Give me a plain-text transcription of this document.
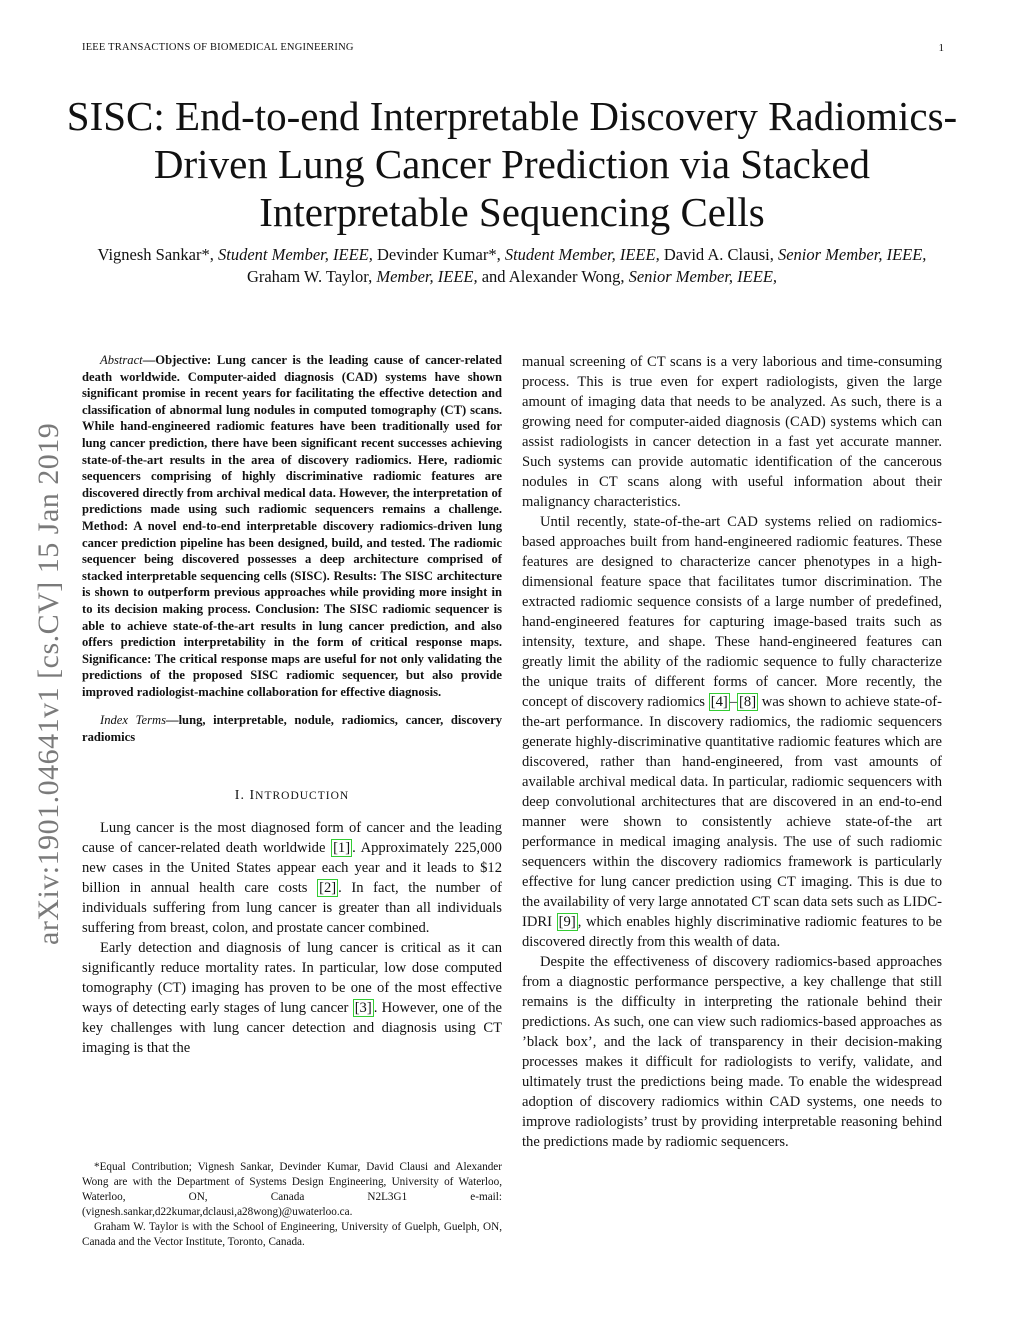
IEEE TRANSACTIONS OF BIOMEDICAL ENGINEERING	1
SISC: End-to-end Interpretable Discovery Radiomics-Driven Lung Cancer Prediction via Stacked Interpretable Sequencing Cells
Vignesh Sankar*, Student Member, IEEE, Devinder Kumar*, Student Member, IEEE, David A. Clausi, Senior Member, IEEE, Graham W. Taylor, Member, IEEE, and Alexander Wong, Senior Member, IEEE,
arXiv:1901.04641v1 [cs.CV] 15 Jan 2019

Abstract—Objective: Lung cancer is the leading cause of cancer-related death worldwide. Computer-aided diagnosis (CAD) systems have shown significant promise in recent years for facilitating the effective detection and classification of abnormal lung nodules in computed tomography (CT) scans. While hand-engineered radiomic features have been traditionally used for lung cancer prediction, there have been significant recent successes achieving state-of-the-art results in the area of discovery radiomics. Here, radiomic sequencers comprising of highly discriminative radiomic features are discovered directly from archival medical data. However, the interpretation of predictions made using such radiomic sequencers remains a challenge. Method: A novel end-to-end interpretable discovery radiomics-driven lung cancer prediction pipeline has been designed, build, and tested. The radiomic sequencer being discovered possesses a deep architecture comprised of stacked interpretable sequencing cells (SISC). Results: The SISC architecture is shown to outperform previous approaches while providing more insight in to its decision making process. Conclusion: The SISC radiomic sequencer is able to achieve state-of-the-art results in lung cancer prediction, and also offers prediction interpretability in the form of critical response maps. Significance: The critical response maps are useful for not only validating the predictions of the proposed SISC radiomic sequencer, but also provide improved radiologist-machine collaboration for effective diagnosis.

Index Terms—lung, interpretable, nodule, radiomics, cancer, discovery radiomics

I. INTRODUCTION

Lung cancer is the most diagnosed form of cancer and the leading cause of cancer-related death worldwide [1] . Approximately 225,000 new cases in the United States appear each year and it leads to $12 billion in annual health care costs [2] . In fact, the number of individuals suffering from lung cancer is greater than all individuals suffering from breast, colon, and prostate cancer combined.

Early detection and diagnosis of lung cancer is critical as it can significantly reduce mortality rates. In particular, low dose computed tomography (CT) imaging has proven to be one of the most effective ways of detecting early stages of lung cancer [3] . However, one of the key challenges with lung cancer detection and diagnosis using CT imaging is that the

*Equal Contribution; Vignesh Sankar, Devinder Kumar, David Clausi and Alexander Wong are with the Department of Systems Design Engineering, University of Waterloo, Waterloo, ON, Canada N2L3G1 e-mail: (vignesh.sankar,d22kumar,dclausi,a28wong)@uwaterloo.ca.

Graham W. Taylor is with the School of Engineering, University of Guelph, Guelph, ON, Canada and the Vector Institute, Toronto, Canada.

manual screening of CT scans is a very laborious and time-consuming process. This is true even for expert radiologists, given the large amount of imaging data that needs to be analyzed. As such, there is a growing need for computer-aided diagnosis (CAD) systems which can assist radiologists in cancer detection in a fast yet accurate manner. Such systems can provide automatic identification of the cancerous nodules in CT scans along with useful information about their malignancy characteristics.

Until recently, state-of-the-art CAD systems relied on radiomics-based approaches built from hand-engineered radiomic features. These features are designed to characterize cancer phenotypes in a high-dimensional feature space that facilitates tumor discrimination. The extracted radiomic sequence consists of a large number of predefined, hand-engineered features for capturing image-based traits such as intensity, texture, and shape. These hand-engineered features can greatly limit the ability of the radiomic sequence to fully characterize the unique traits of different forms of cancer. More recently, the concept of discovery radiomics [4] – [8] was shown to achieve state-of-the-art performance. In discovery radiomics, the radiomic sequencers generate highly-discriminative quantitative radiomic features which are discovered, rather than hand-engineered, from vast amounts of available archival medical data. In particular, radiomic sequencers with deep convolutional architectures that are discovered in an end-to-end manner were shown to consistently achieve state-of-the art performance in medical imaging analysis. The use of such radiomic sequencers within the discovery radiomics framework is particularly effective for lung cancer prediction using CT imaging. This is due to the availability of very large annotated CT scan data sets such as LIDC-IDRI [9] , which enables highly discriminative radiomic features to be discovered directly from this wealth of data.

Despite the effectiveness of discovery radiomics-based approaches from a diagnostic performance perspective, a key challenge that still remains is the difficulty in interpreting the rationale behind their predictions. As such, one can view such radiomics-based approaches as ’black box’, and the lack of transparency in their decision-making processes makes it difficult for radiologists to verify, validate, and ultimately trust the predictions being made. To enable the widespread adoption of discovery radiomics within CAD systems, one needs to improve radiologists’ trust by providing interpretable reasoning behind the predictions made by radiomic sequencers.
